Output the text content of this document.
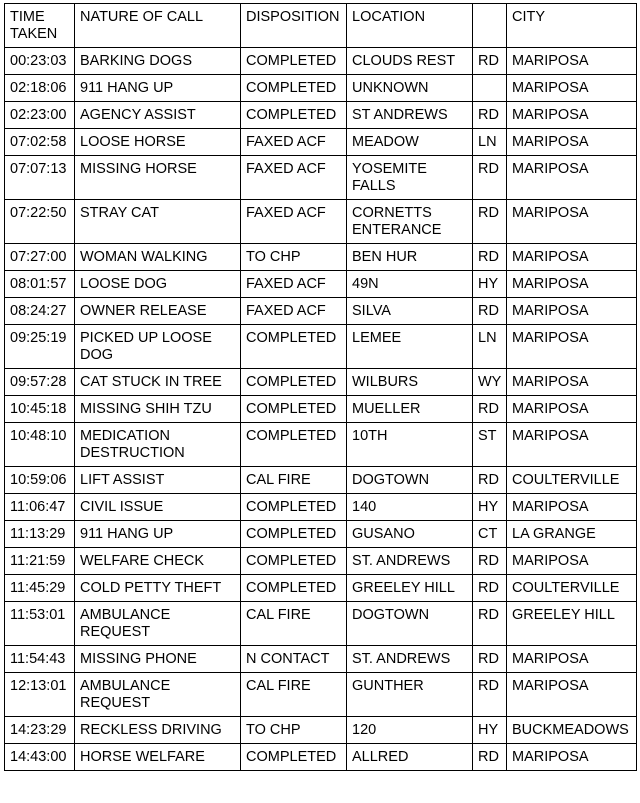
TIME TAKEN	NATURE OF CALL	DISPOSITION	LOCATION		CITY
00:23:03	BARKING DOGS	COMPLETED	CLOUDS REST	RD	MARIPOSA
02:18:06	911 HANG UP	COMPLETED	UNKNOWN		MARIPOSA
02:23:00	AGENCY ASSIST	COMPLETED	ST ANDREWS	RD	MARIPOSA
07:02:58	LOOSE HORSE	FAXED ACF	MEADOW	LN	MARIPOSA
07:07:13	MISSING HORSE	FAXED ACF	YOSEMITE FALLS	RD	MARIPOSA
07:22:50	STRAY CAT	FAXED ACF	CORNETTS ENTERANCE	RD	MARIPOSA
07:27:00	WOMAN WALKING	TO CHP	BEN HUR	RD	MARIPOSA
08:01:57	LOOSE DOG	FAXED ACF	49N	HY	MARIPOSA
08:24:27	OWNER RELEASE	FAXED ACF	SILVA	RD	MARIPOSA
09:25:19	PICKED UP LOOSE DOG	COMPLETED	LEMEE	LN	MARIPOSA
09:57:28	CAT STUCK IN TREE	COMPLETED	WILBURS	WY	MARIPOSA
10:45:18	MISSING SHIH TZU	COMPLETED	MUELLER	RD	MARIPOSA
10:48:10	MEDICATION DESTRUCTION	COMPLETED	10TH	ST	MARIPOSA
10:59:06	LIFT ASSIST	CAL FIRE	DOGTOWN	RD	COULTERVILLE
11:06:47	CIVIL ISSUE	COMPLETED	140	HY	MARIPOSA
11:13:29	911 HANG UP	COMPLETED	GUSANO	CT	LA GRANGE
11:21:59	WELFARE CHECK	COMPLETED	ST. ANDREWS	RD	MARIPOSA
11:45:29	COLD PETTY THEFT	COMPLETED	GREELEY HILL	RD	COULTERVILLE
11:53:01	AMBULANCE REQUEST	CAL FIRE	DOGTOWN	RD	GREELEY HILL
11:54:43	MISSING PHONE	N CONTACT	ST. ANDREWS	RD	MARIPOSA
12:13:01	AMBULANCE REQUEST	CAL FIRE	GUNTHER	RD	MARIPOSA
14:23:29	RECKLESS DRIVING	TO CHP	120	HY	BUCKMEADOWS
14:43:00	HORSE WELFARE	COMPLETED	ALLRED	RD	MARIPOSA
